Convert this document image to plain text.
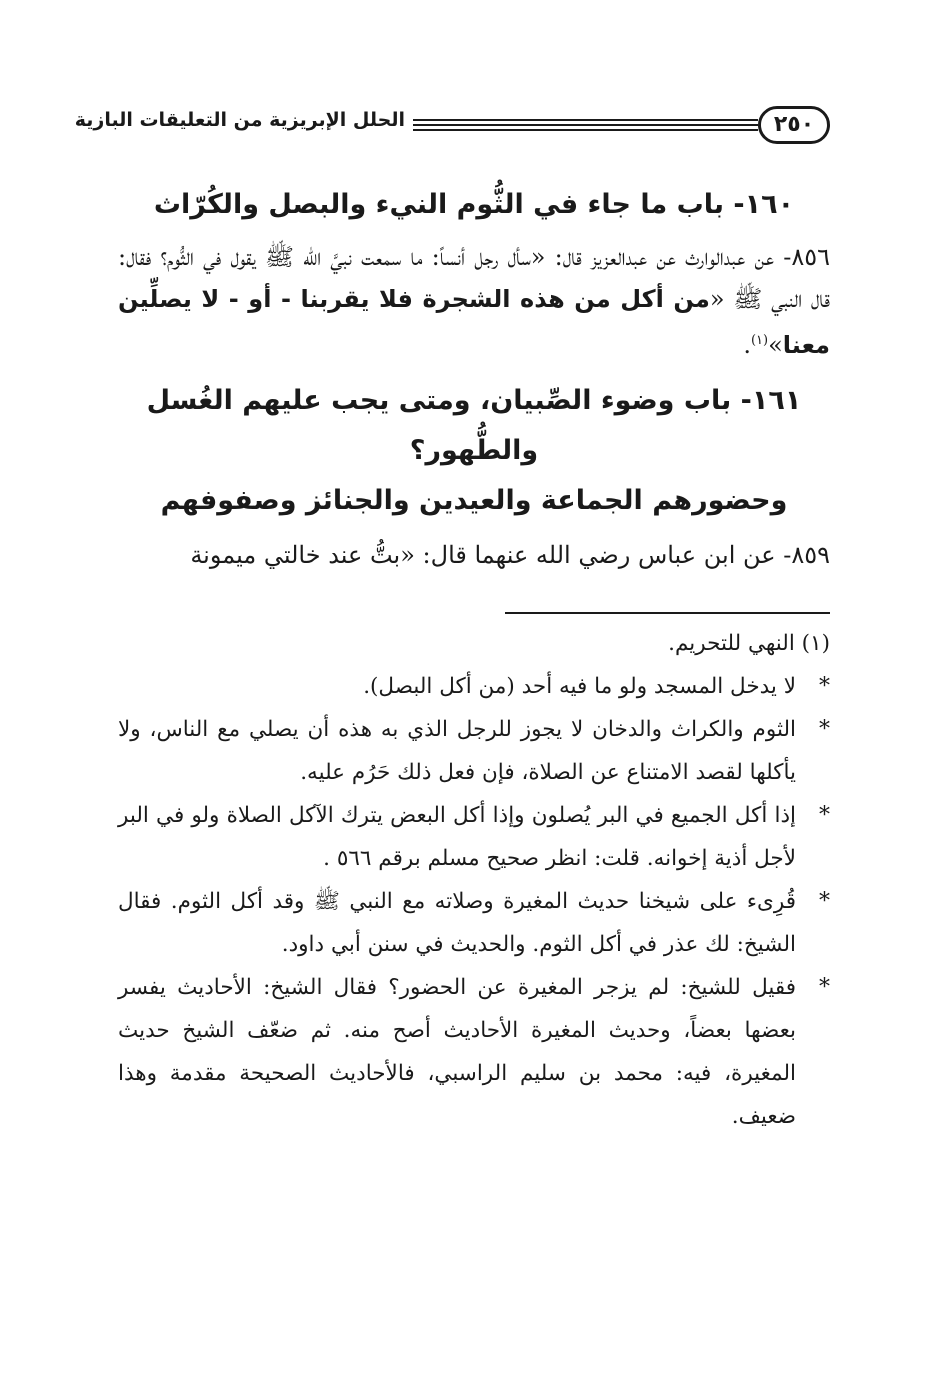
٢٥٠
الحلل الإبريزية من التعليقات البازية
١٦٠- باب ما جاء في الثُّوم النيء والبصل والكُرّاث

٨٥٦- عن عبدالوارث عن عبدالعزيز قال: «سأل رجل أنساً: ما سمعت نبيَّ الله ﷺ يقول في الثُّوم؟ فقال: قال النبي ﷺ «من أكل من هذه الشجرة فلا يقربنا - أو - لا يصلِّين معنا»$^{(١)}$.

١٦١- باب وضوء الصِّبيان، ومتى يجب عليهم الغُسل والطُّهور؟
وحضورهم الجماعة والعيدين والجنائز وصفوفهم

٨٥٩- عن ابن عباس رضي الله عنهما قال: «بتُّ عند خالتي ميمونة

(١) النهي للتحريم.

*
لا يدخل المسجد ولو ما فيه أحد (من أكل البصل).

*
الثوم والكراث والدخان لا يجوز للرجل الذي به هذه أن يصلي مع الناس، ولا يأكلها لقصد الامتناع عن الصلاة، فإن فعل ذلك حَرُم عليه.

*
إذا أكل الجميع في البر يُصلون وإذا أكل البعض يترك الآكل الصلاة ولو في البر لأجل أذية إخوانه. قلت: انظر صحيح مسلم برقم ٥٦٦ .

*
قُرِىء على شيخنا حديث المغيرة وصلاته مع النبي ﷺ وقد أكل الثوم. فقال الشيخ: لك عذر في أكل الثوم. والحديث في سنن أبي داود.

*
فقيل للشيخ: لم يزجر المغيرة عن الحضور؟ فقال الشيخ: الأحاديث يفسر بعضها بعضاً، وحديث المغيرة الأحاديث أصح منه. ثم ضعّف الشيخ حديث المغيرة، فيه: محمد بن سليم الراسبي، فالأحاديث الصحيحة مقدمة وهذا ضعيف.
